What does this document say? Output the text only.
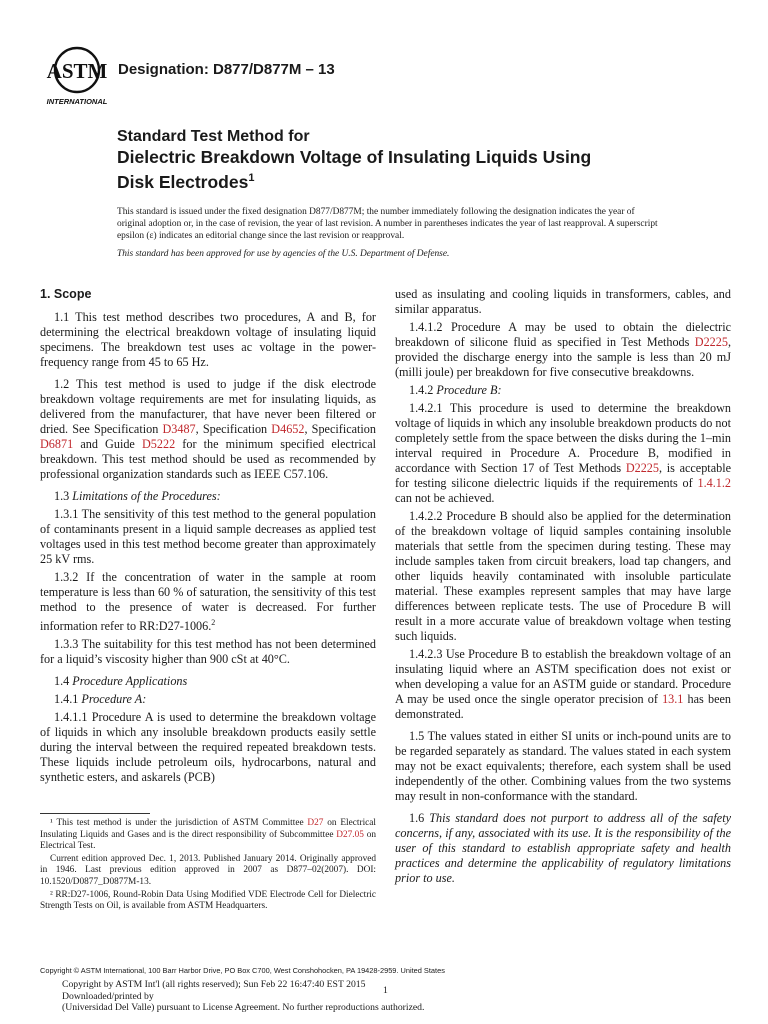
ASTM
INTERNATIONAL
Designation: D877/D877M – 13
Standard Test Method for
Dielectric Breakdown Voltage of Insulating Liquids Using
Disk Electrodes$^1$
This standard is issued under the fixed designation D877/D877M; the number immediately following the designation indicates the year of original adoption or, in the case of revision, the year of last revision. A number in parentheses indicates the year of last reapproval. A superscript epsilon (ε) indicates an editorial change since the last revision or reapproval.
This standard has been approved for use by agencies of the U.S. Department of Defense.
1. Scope

1.1 This test method describes two procedures, A and B, for determining the electrical breakdown voltage of insulating liquid specimens. The breakdown test uses ac voltage in the power-frequency range from 45 to 65 Hz.

1.2 This test method is used to judge if the disk electrode breakdown voltage requirements are met for insulating liquids, as delivered from the manufacturer, that have never been filtered or dried. See Specification D3487, Specification D4652, Specification D6871 and Guide D5222 for the minimum specified electrical breakdown. This test method should be used as recommended by professional organization standards such as IEEE C57.106.

1.3 Limitations of the Procedures:

1.3.1 The sensitivity of this test method to the general population of contaminants present in a liquid sample decreases as applied test voltages used in this test method become greater than approximately 25 kV rms.

1.3.2 If the concentration of water in the sample at room temperature is less than 60 % of saturation, the sensitivity of this test method to the presence of water is decreased. For further information refer to RR:D27-1006.$^2$

1.3.3 The suitability for this test method has not been determined for a liquid’s viscosity higher than 900 cSt at 40°C.

1.4 Procedure Applications

1.4.1 Procedure A:

1.4.1.1 Procedure A is used to determine the breakdown voltage of liquids in which any insoluble breakdown products easily settle during the interval between the required repeated breakdown tests. These liquids include petroleum oils, hydrocarbons, natural and synthetic esters, and askarels (PCB)

¹ This test method is under the jurisdiction of ASTM Committee D27 on Electrical Insulating Liquids and Gases and is the direct responsibility of Subcommittee D27.05 on Electrical Test.

Current edition approved Dec. 1, 2013. Published January 2014. Originally approved in 1946. Last previous edition approved in 2007 as D877–02(2007). DOI: 10.1520/D0877_D0877M-13.

² RR:D27-1006, Round-Robin Data Using Modified VDE Electrode Cell for Dielectric Strength Tests on Oil, is available from ASTM Headquarters.

used as insulating and cooling liquids in transformers, cables, and similar apparatus.

1.4.1.2 Procedure A may be used to obtain the dielectric breakdown of silicone fluid as specified in Test Methods D2225, provided the discharge energy into the sample is less than 20 mJ (milli joule) per breakdown for five consecutive breakdowns.

1.4.2 Procedure B:

1.4.2.1 This procedure is used to determine the breakdown voltage of liquids in which any insoluble breakdown products do not completely settle from the space between the disks during the 1–min interval required in Procedure A. Procedure B, modified in accordance with Section 17 of Test Methods D2225, is acceptable for testing silicone dielectric liquids if the requirements of 1.4.1.2 can not be achieved.

1.4.2.2 Procedure B should also be applied for the determination of the breakdown voltage of liquid samples containing insoluble materials that settle from the specimen during testing. These may include samples taken from circuit breakers, load tap changers, and other liquids heavily contaminated with insoluble particulate material. These examples represent samples that may have large differences between replicate tests. The use of Procedure B will result in a more accurate value of breakdown voltage when testing such liquids.

1.4.2.3 Use Procedure B to establish the breakdown voltage of an insulating liquid where an ASTM specification does not exist or when developing a value for an ASTM guide or standard. Procedure A may be used once the single operator precision of 13.1 has been demonstrated.

1.5 The values stated in either SI units or inch-pound units are to be regarded separately as standard. The values stated in each system may not be exact equivalents; therefore, each system shall be used independently of the other. Combining values from the two systems may result in non-conformance with the standard.

1.6 This standard does not purport to address all of the safety concerns, if any, associated with its use. It is the responsibility of the user of this standard to establish appropriate safety and health practices and determine the applicability of regulatory limitations prior to use.

Copyright © ASTM International, 100 Barr Harbor Drive, PO Box C700, West Conshohocken, PA 19428-2959. United States
Copyright by ASTM Int'l (all rights reserved); Sun Feb 22 16:47:40 EST 2015
Downloaded/printed by
(Universidad Del Valle) pursuant to License Agreement. No further reproductions authorized.
1
